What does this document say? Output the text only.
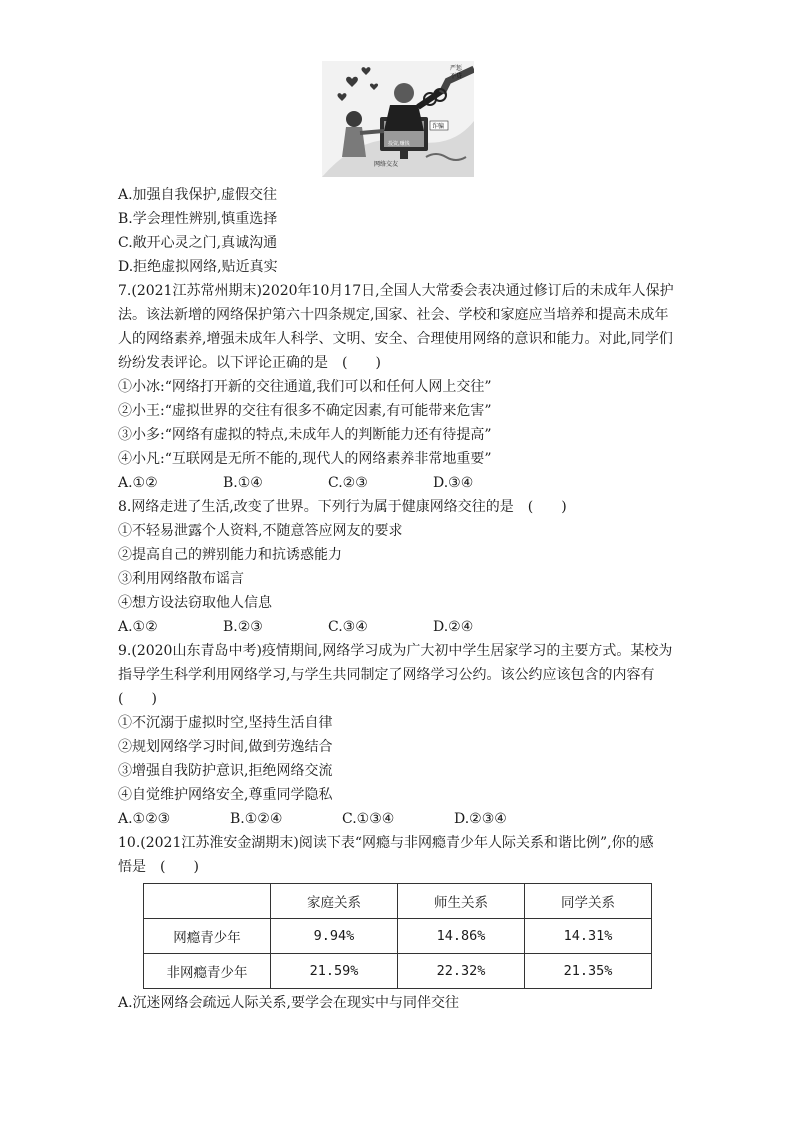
严惩
不贷
诈骗
投资,赚钱
网络交友
A.加强自我保护,虚假交往
B.学会理性辨别,慎重选择
C.敞开心灵之门,真诚沟通
D.拒绝虚拟网络,贴近真实
7.(2021江苏常州期末)2020年10月17日,全国人大常委会表决通过修订后的未成年人保护
法。该法新增的网络保护第六十四条规定,国家、社会、学校和家庭应当培养和提高未成年
人的网络素养,增强未成年人科学、文明、安全、合理使用网络的意识和能力。对此,同学们
纷纷发表评论。以下评论正确的是　(　　)
①小冰:“网络打开新的交往通道,我们可以和任何人网上交往”
②小王:“虚拟世界的交往有很多不确定因素,有可能带来危害”
③小多:“网络有虚拟的特点,未成年人的判断能力还有待提高”
④小凡:“互联网是无所不能的,现代人的网络素养非常地重要”
A.①②	B.①④	C.②③	D.③④
8.网络走进了生活,改变了世界。下列行为属于健康网络交往的是　(　　)
①不轻易泄露个人资料,不随意答应网友的要求
②提高自己的辨别能力和抗诱惑能力
③利用网络散布谣言
④想方设法窃取他人信息
A.①②	B.②③	C.③④	D.②④
9.(2020山东青岛中考)疫情期间,网络学习成为广大初中学生居家学习的主要方式。某校为
指导学生科学利用网络学习,与学生共同制定了网络学习公约。该公约应该包含的内容有
(　　)
①不沉溺于虚拟时空,坚持生活自律
②规划网络学习时间,做到劳逸结合
③增强自我防护意识,拒绝网络交流
④自觉维护网络安全,尊重同学隐私
A.①②③	B.①②④	C.①③④	D.②③④
10.(2021江苏淮安金湖期末)阅读下表“网瘾与非网瘾青少年人际关系和谐比例”,你的感
悟是　(　　)
	家庭关系	师生关系	同学关系
网瘾青少年	9.94%	14.86%	14.31%
非网瘾青少年	21.59%	22.32%	21.35%
A.沉迷网络会疏远人际关系,要学会在现实中与同伴交往
